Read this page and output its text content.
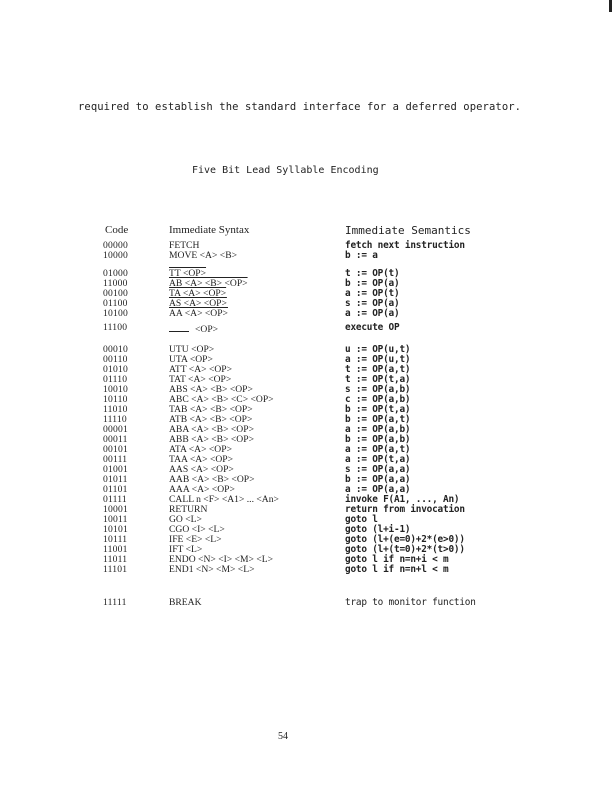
required to establish the standard interface for a deferred operator.
Five Bit Lead Syllable Encoding
Code	Immediate Syntax	Immediate Semantics
00000	FETCH	fetch next instruction
10000	MOVE <A> <B>	b := a
01000	TT <OP>	t := OP(t)
11000	AB <A> <B> <OP>	b := OP(a)
00100	TA <A> <OP>	a := OP(t)
01100	AS <A> <OP>	s := OP(a)
10100	AA <A> <OP>	a := OP(a)
11100	<OP>	execute OP
00010	UTU <OP>	u := OP(u,t)
00110	UTA <OP>	a := OP(u,t)
01010	ATT <A> <OP>	t := OP(a,t)
01110	TAT <A> <OP>	t := OP(t,a)
10010	ABS <A> <B> <OP>	s := OP(a,b)
10110	ABC <A> <B> <C> <OP>	c := OP(a,b)
11010	TAB <A> <B> <OP>	b := OP(t,a)
11110	ATB <A> <B> <OP>	b := OP(a,t)
00001	ABA <A> <B> <OP>	a := OP(a,b)
00011	ABB <A> <B> <OP>	b := OP(a,b)
00101	ATA <A> <OP>	a := OP(a,t)
00111	TAA <A> <OP>	a := OP(t,a)
01001	AAS <A> <OP>	s := OP(a,a)
01011	AAB <A> <B> <OP>	b := OP(a,a)
01101	AAA <A> <OP>	a := OP(a,a)
01111	CALL n <F> <A1> ... <An>	invoke F(A1, ..., An)
10001	RETURN	return from invocation
10011	GO <L>	goto l
10101	CGO <I> <L>	goto (l+i-1)
10111	IFE <E> <L>	goto (l+(e=0)+2*(e>0))
11001	IFT <L>	goto (l+(t=0)+2*(t>0))
11011	ENDO <N> <I> <M> <L>	goto l if n=n+i < m
11101	END1 <N> <M> <L>	goto l if n=n+l < m
11111	BREAK	trap to monitor function
54
